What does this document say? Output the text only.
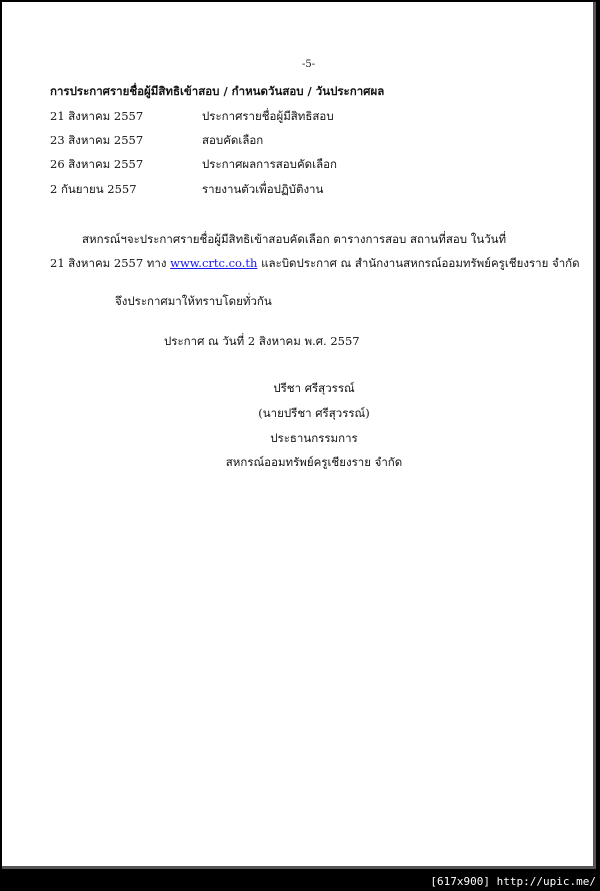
-5-
การประกาศรายชื่อผู้มีสิทธิเข้าสอบ / กำหนดวันสอบ / วันประกาศผล
21 สิงหาคม 2557	ประกาศรายชื่อผู้มีสิทธิสอบ
23 สิงหาคม 2557	สอบคัดเลือก
26 สิงหาคม 2557	ประกาศผลการสอบคัดเลือก
2 กันยายน 2557	รายงานตัวเพื่อปฏิบัติงาน
สหกรณ์ฯจะประกาศรายชื่อผู้มีสิทธิเข้าสอบคัดเลือก ตารางการสอบ สถานที่สอบ ในวันที่
21 สิงหาคม 2557 ทาง www.crtc.co.th และบิดประกาศ ณ สำนักงานสหกรณ์ออมทรัพย์ครูเชียงราย จำกัด
จึงประกาศมาให้ทราบโดยทั่วกัน
ประกาศ ณ วันที่ 2 สิงหาคม พ.ศ. 2557
ปรีชา ศรีสุวรรณ์
(นายปรีชา ศรีสุวรรณ์)
ประธานกรรมการ
สหกรณ์ออมทรัพย์ครูเชียงราย จำกัด
[617x900] http://upic.me/
